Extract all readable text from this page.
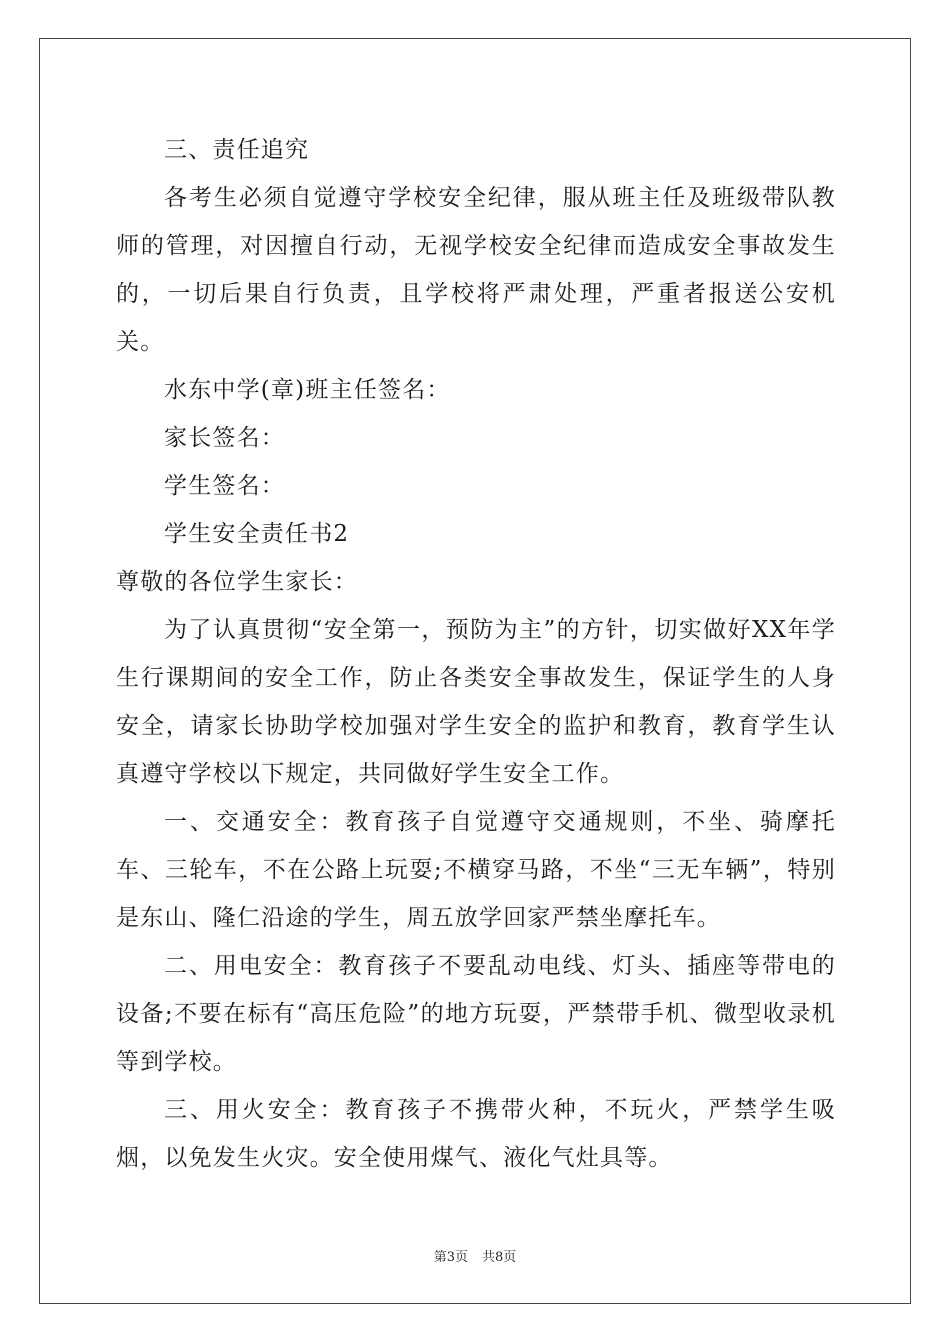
三、责任追究

各考生必须自觉遵守学校安全纪律，服从班主任及班级带队教师的管理，对因擅自行动，无视学校安全纪律而造成安全事故发生的，一切后果自行负责，且学校将严肃处理，严重者报送公安机关。

水东中学(章)班主任签名：

家长签名：

学生签名：

学生安全责任书2

尊敬的各位学生家长：

为了认真贯彻“安全第一，预防为主”的方针，切实做好XX年学生行课期间的安全工作，防止各类安全事故发生，保证学生的人身安全，请家长协助学校加强对学生安全的监护和教育，教育学生认真遵守学校以下规定，共同做好学生安全工作。

一、交通安全：教育孩子自觉遵守交通规则，不坐、骑摩托车、三轮车，不在公路上玩耍;不横穿马路，不坐“三无车辆”，特别是东山、隆仁沿途的学生，周五放学回家严禁坐摩托车。

二、用电安全：教育孩子不要乱动电线、灯头、插座等带电的设备;不要在标有“高压危险”的地方玩耍，严禁带手机、微型收录机等到学校。

三、用火安全：教育孩子不携带火种，不玩火，严禁学生吸烟，以免发生火灾。安全使用煤气、液化气灶具等。

第3页 共8页
